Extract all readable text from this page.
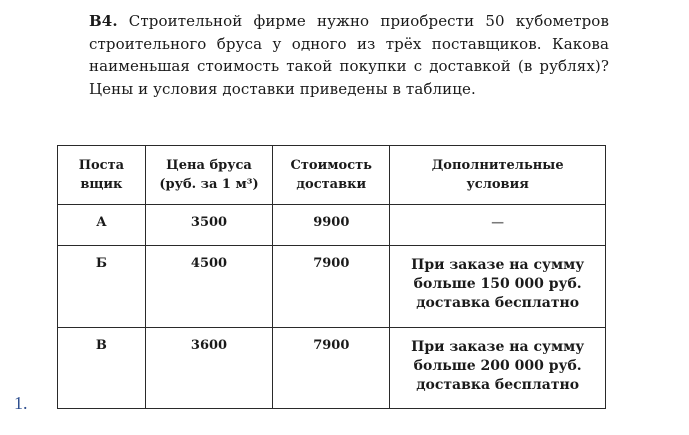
B4. Строительной фирме нужно приобрести 50 кубометров строительного бруса у одного из трёх поставщиков. Какова наименьшая стоимость такой покупки с доставкой (в рублях)? Цены и условия доставки приведены в таблице.
Поставщик	Цена бруса (руб. за 1 м³)	Стоимость доставки	Дополнительные условия

А	3500	9900	—
Б	4500	7900	При заказе на сумму больше 150 000 руб. доставка бесплатно
В	3600	7900	При заказе на сумму больше 200 000 руб. доставка бесплатно
1.
